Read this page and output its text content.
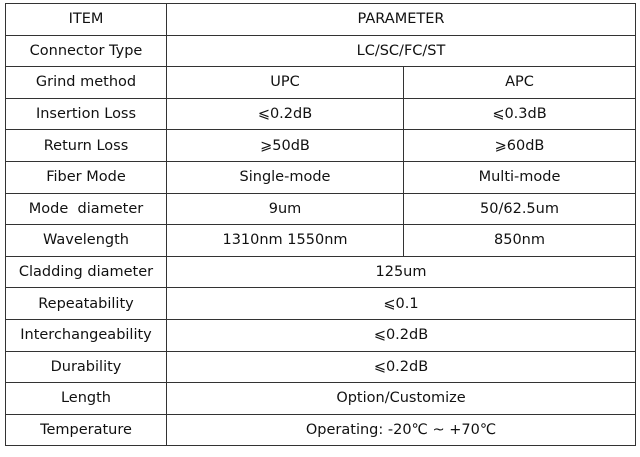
ITEM	PARAMETER	
Connector Type	LC/SC/FC/ST	
Grind method	UPC	APC
Insertion Loss	⩽0.2dB	⩽0.3dB
Return Loss	⩾50dB	⩾60dB
Fiber Mode	Single-mode	Multi-mode
Mode  diameter	9um	50/62.5um
Wavelength	1310nm 1550nm	850nm
Cladding diameter	125um	
Repeatability	⩽0.1	
Interchangeability	⩽0.2dB	
Durability	⩽0.2dB	
Length	Option/Customize	
Temperature	Operating: -20℃ ~ +70℃	
